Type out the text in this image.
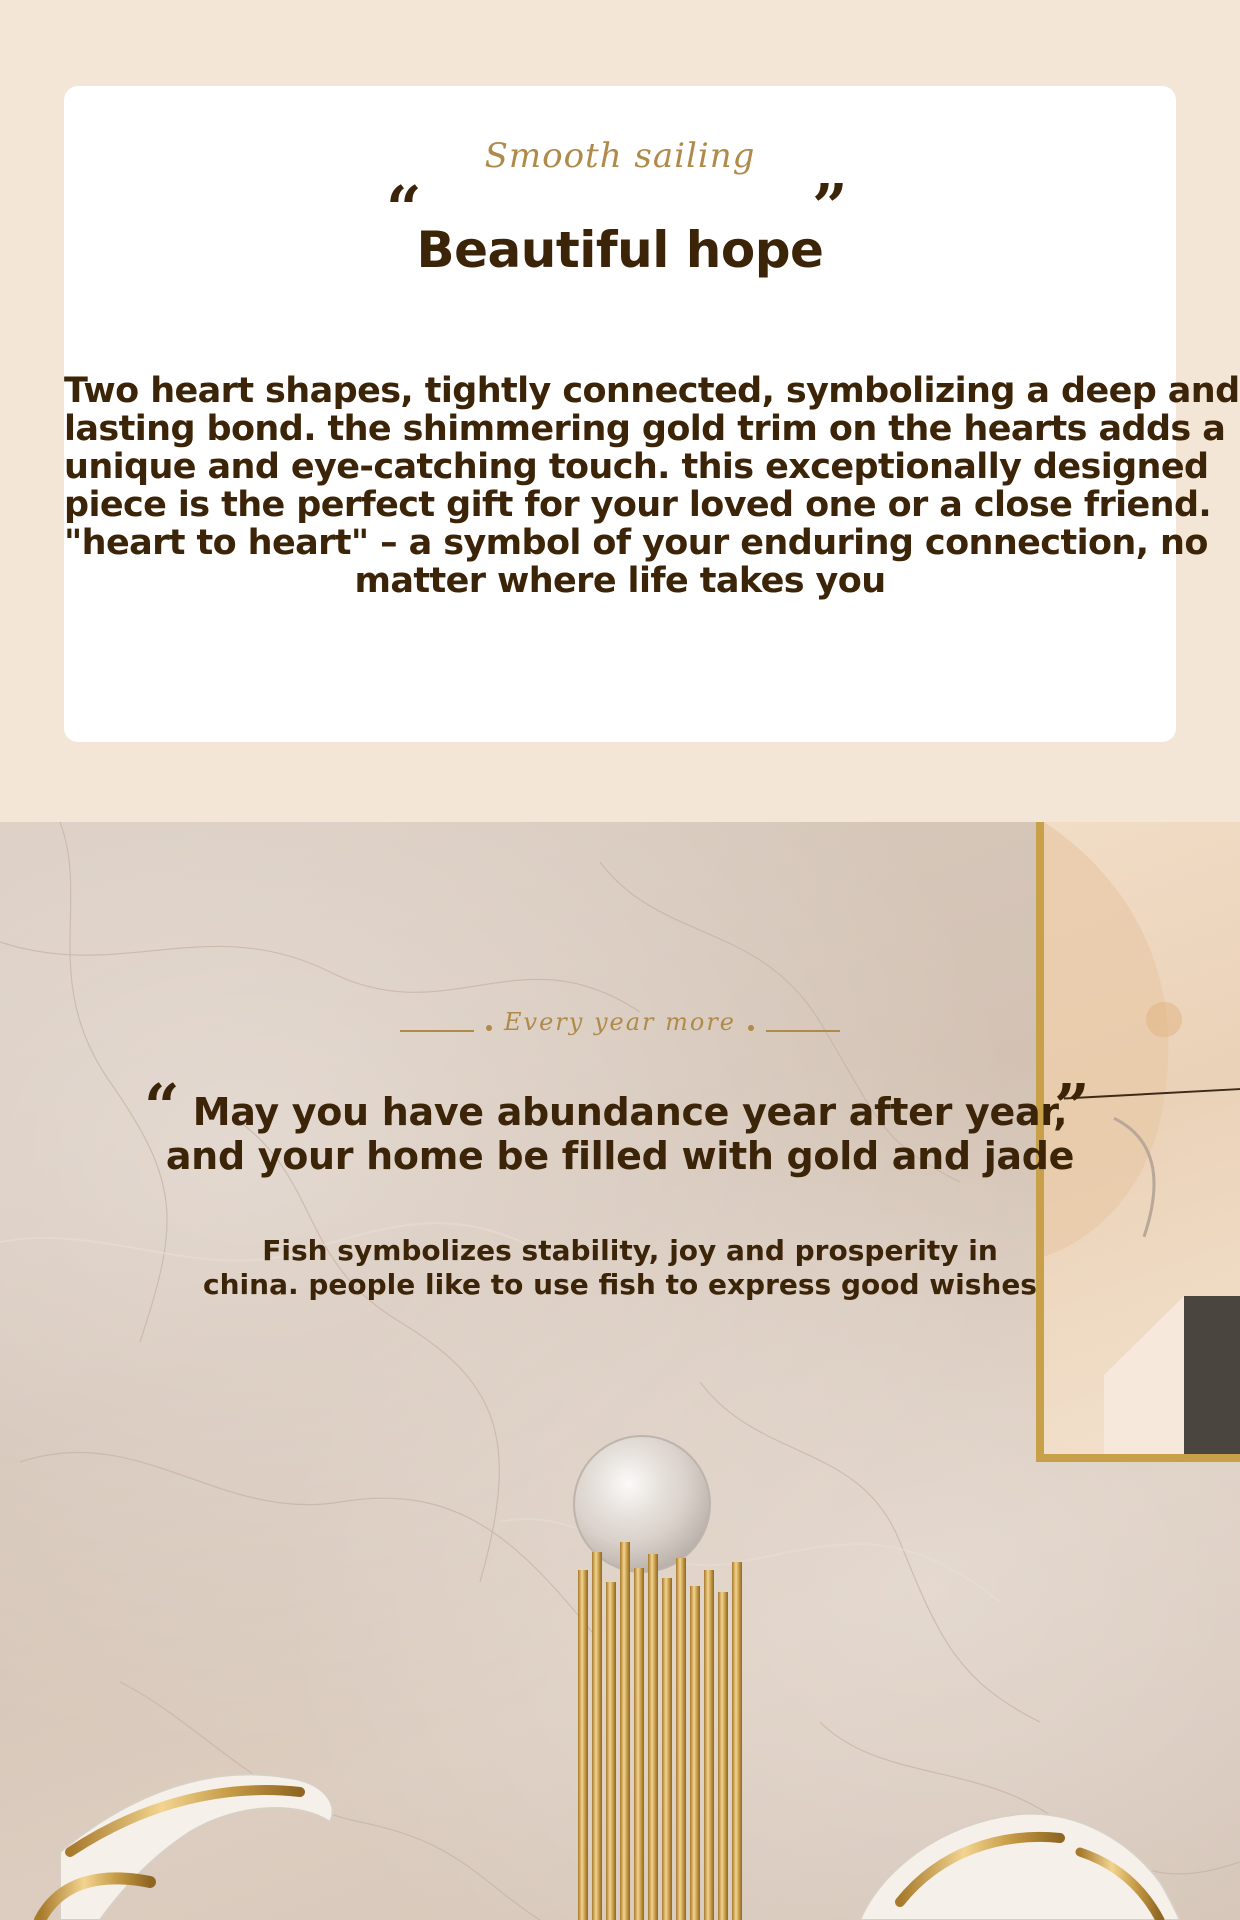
Smooth sailing
“	”
Beautiful hope
Two heart shapes, tightly connected, symbolizing a deep and
lasting bond. the shimmering gold trim on the hearts adds a
unique and eye-catching touch. this exceptionally designed
piece is the perfect gift for your loved one or a close friend.
"heart to heart" – a symbol of your enduring connection, no
matter where life takes you
Every year more
“	”
May you have abundance year after year,
and your home be filled with gold and jade
Fish symbolizes stability, joy and prosperity in
china. people like to use fish to express good wishes
